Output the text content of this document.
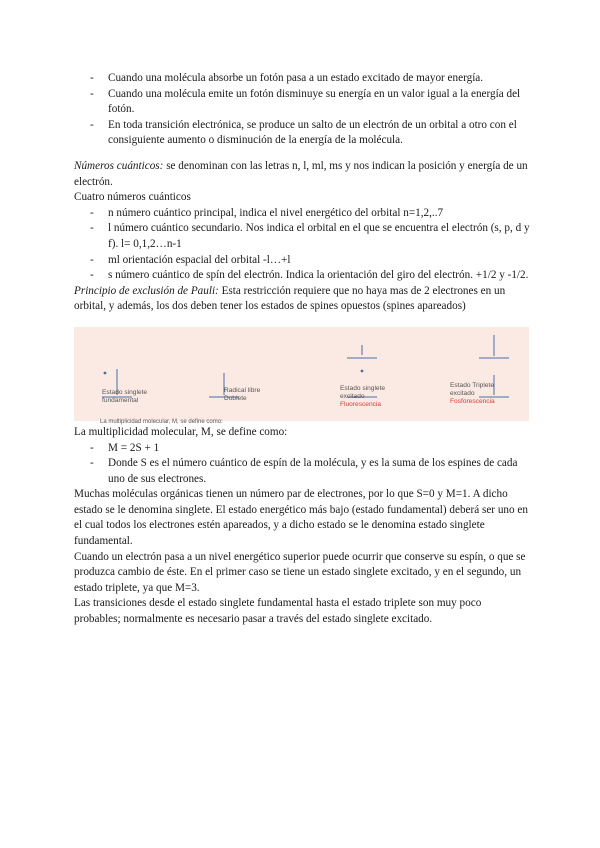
- Cuando una molécula absorbe un fotón pasa a un estado excitado de mayor energía.
- Cuando una molécula emite un fotón disminuye su energía en un valor igual a la energía del fotón.
- En toda transición electrónica, se produce un salto de un electrón de un orbital a otro con el consiguiente aumento o disminución de la energía de la molécula.

Números cuánticos: se denominan con las letras n, l, ml, ms y nos indican la posición y energía de un electrón.

Cuatro números cuánticos

- n número cuántico principal, indica el nivel energético del orbital n=1,2,..7
- l número cuántico secundario. Nos indica el orbital en el que se encuentra el electrón (s, p, d y f). l= 0,1,2…n-1
- ml orientación espacial del orbital -l…+l
- s número cuántico de spín del electrón. Indica la orientación del giro del electrón. +1/2 y -1/2.

Principio de exclusión de Pauli: Esta restricción requiere que no haya mas de 2 electrones en un orbital, y además, los dos deben tener los estados de spines opuestos (spines apareados)

Estado singlete
fundamental
Radical libre
Doblete
Estado singlete
excitado
Fluorescencia
Estado Triplete
excitado
Fosforescencia
La multiplicidad molecular, M, se define como:

La multiplicidad molecular, M, se define como:

- M = 2S + 1
- Donde S es el número cuántico de espín de la molécula, y es la suma de los espines de cada uno de sus electrones.

Muchas moléculas orgánicas tienen un número par de electrones, por lo que S=0 y M=1. A dicho estado se le denomina singlete. El estado energético más bajo (estado fundamental) deberá ser uno en el cual todos los electrones estén apareados, y a dicho estado se le denomina estado singlete fundamental.

Cuando un electrón pasa a un nivel energético superior puede ocurrir que conserve su espín, o que se produzca cambio de éste. En el primer caso se tiene un estado singlete excitado, y en el segundo, un estado triplete, ya que M=3.

Las transiciones desde el estado singlete fundamental hasta el estado triplete son muy poco probables; normalmente es necesario pasar a través del estado singlete excitado.
